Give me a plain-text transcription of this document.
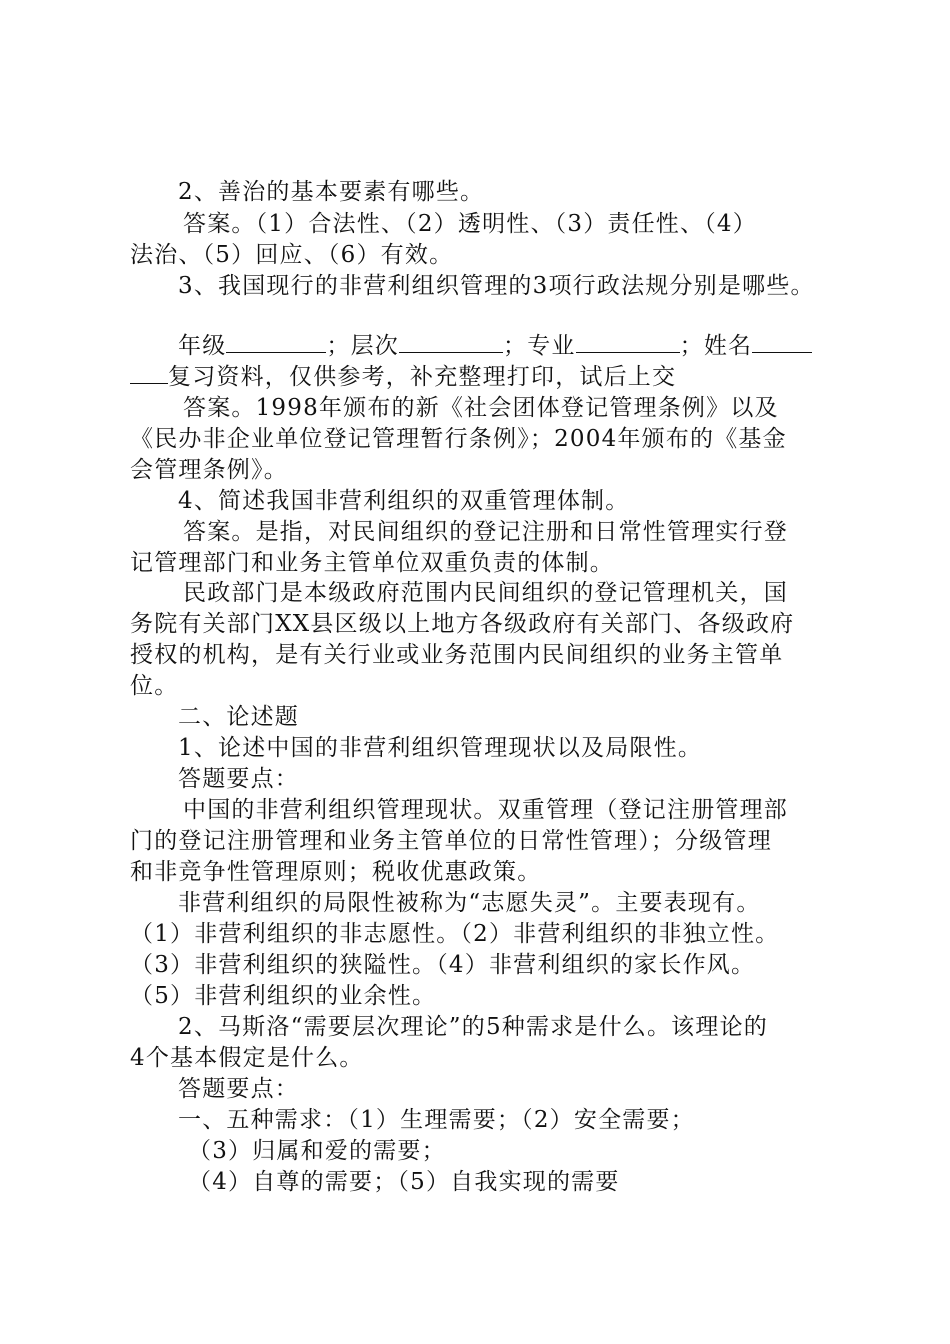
2、善治的基本要素有哪些。
答案。（1）合法性、（2）透明性、（3）责任性、（4）
法治、（5）回应、（6）有效。
3、我国现行的非营利组织管理的3项行政法规分别是哪些。
年级	；层次	；专业	；姓名
复习资料，仅供参考，补充整理打印，试后上交
答案。1998年颁布的新《社会团体登记管理条例》以及
《民办非企业单位登记管理暂行条例》；2004年颁布的《基金
会管理条例》。
4、简述我国非营利组织的双重管理体制。
答案。是指，对民间组织的登记注册和日常性管理实行登
记管理部门和业务主管单位双重负责的体制。
民政部门是本级政府范围内民间组织的登记管理机关，国
务院有关部门XX县区级以上地方各级政府有关部门、各级政府
授权的机构，是有关行业或业务范围内民间组织的业务主管单
位。
二、论述题
1、论述中国的非营利组织管理现状以及局限性。
答题要点：
中国的非营利组织管理现状。双重管理（登记注册管理部
门的登记注册管理和业务主管单位的日常性管理）；分级管理
和非竞争性管理原则；税收优惠政策。
非营利组织的局限性被称为“志愿失灵”。主要表现有。
（1）非营利组织的非志愿性。（2）非营利组织的非独立性。
（3）非营利组织的狭隘性。（4）非营利组织的家长作风。
（5）非营利组织的业余性。
2、马斯洛“需要层次理论”的5种需求是什么。该理论的
4个基本假定是什么。
答题要点：
一、五种需求：（1）生理需要；（2）安全需要；
（3）归属和爱的需要；
（4）自尊的需要；（5）自我实现的需要
